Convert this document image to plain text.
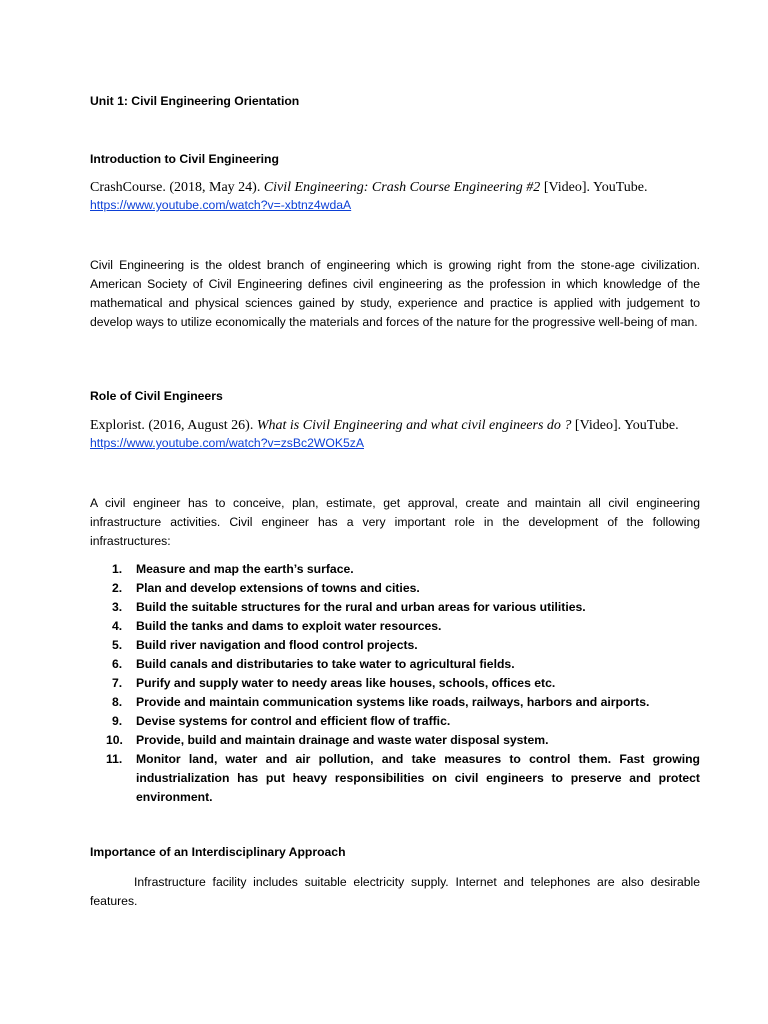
Unit 1: Civil Engineering Orientation
Introduction to Civil Engineering
CrashCourse. (2018, May 24). Civil Engineering: Crash Course Engineering #2 [Video]. YouTube.
https://www.youtube.com/watch?v=-xbtnz4wdaA

Civil Engineering is the oldest branch of engineering which is growing right from the stone-age civilization. American Society of Civil Engineering defines civil engineering as the profession in which knowledge of the mathematical and physical sciences gained by study, experience and practice is applied with judgement to develop ways to utilize economically the materials and forces of the nature for the progressive well-being of man.

Role of Civil Engineers
Explorist. (2016, August 26). What is Civil Engineering and what civil engineers do ? [Video]. YouTube.
https://www.youtube.com/watch?v=zsBc2WOK5zA

A civil engineer has to conceive, plan, estimate, get approval, create and maintain all civil engineering infrastructure activities. Civil engineer has a very important role in the development of the following infrastructures:

1.	Measure and map the earth’s surface.
2.	Plan and develop extensions of towns and cities.
3.	Build the suitable structures for the rural and urban areas for various utilities.
4.	Build the tanks and dams to exploit water resources.
5.	Build river navigation and flood control projects.
6.	Build canals and distributaries to take water to agricultural fields.
7.	Purify and supply water to needy areas like houses, schools, offices etc.
8.	Provide and maintain communication systems like roads, railways, harbors and airports.
9.	Devise systems for control and efficient flow of traffic.
10. Provide, build and maintain drainage and waste water disposal system.
11.	Monitor land, water and air pollution, and take measures to control them. Fast growing industrialization has put heavy responsibilities on civil engineers to preserve and protect environment.
Importance of an Interdisciplinary Approach

Infrastructure facility includes suitable electricity supply. Internet and telephones are also desirable features.
